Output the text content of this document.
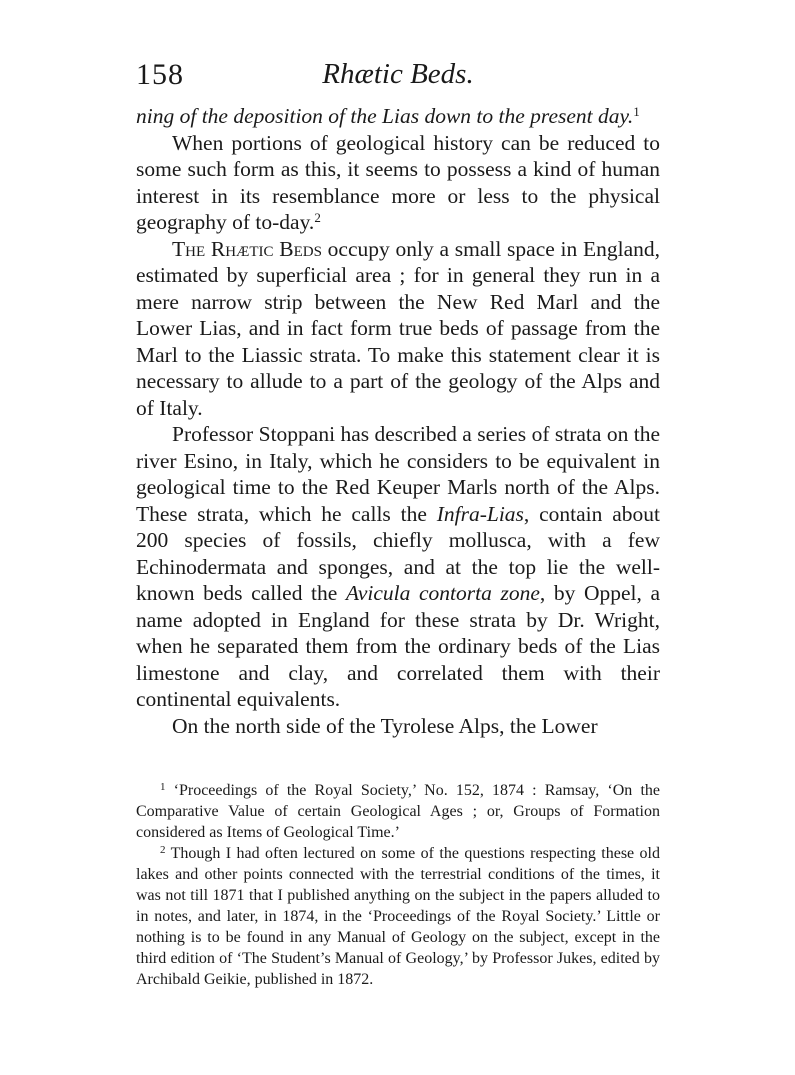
158	Rhætic Beds.

ning of the deposition of the Lias down to the present day.$^1$

When portions of geological history can be reduced to some such form as this, it seems to possess a kind of human interest in its resemblance more or less to the physical geography of to-day.$^2$

The Rhætic Beds occupy only a small space in England, estimated by superficial area ; for in general they run in a mere narrow strip between the New Red Marl and the Lower Lias, and in fact form true beds of passage from the Marl to the Liassic strata. To make this statement clear it is necessary to allude to a part of the geology of the Alps and of Italy.

Professor Stoppani has described a series of strata on the river Esino, in Italy, which he considers to be equivalent in geological time to the Red Keuper Marls north of the Alps. These strata, which he calls the Infra-Lias, contain about 200 species of fossils, chiefly mollusca, with a few Echinodermata and sponges, and at the top lie the well-known beds called the Avicula contorta zone, by Oppel, a name adopted in England for these strata by Dr. Wright, when he separated them from the ordinary beds of the Lias limestone and clay, and correlated them with their continental equivalents.

On the north side of the Tyrolese Alps, the Lower

$^1$ ‘Proceedings of the Royal Society,’ No. 152, 1874 : Ramsay, ‘On the Comparative Value of certain Geological Ages ; or, Groups of Formation considered as Items of Geological Time.’

$^2$ Though I had often lectured on some of the questions respecting these old lakes and other points connected with the terrestrial conditions of the times, it was not till 1871 that I published anything on the subject in the papers alluded to in notes, and later, in 1874, in the ‘Proceedings of the Royal Society.’ Little or nothing is to be found in any Manual of Geology on the subject, except in the third edition of ‘The Student’s Manual of Geology,’ by Professor Jukes, edited by Archibald Geikie, published in 1872.
